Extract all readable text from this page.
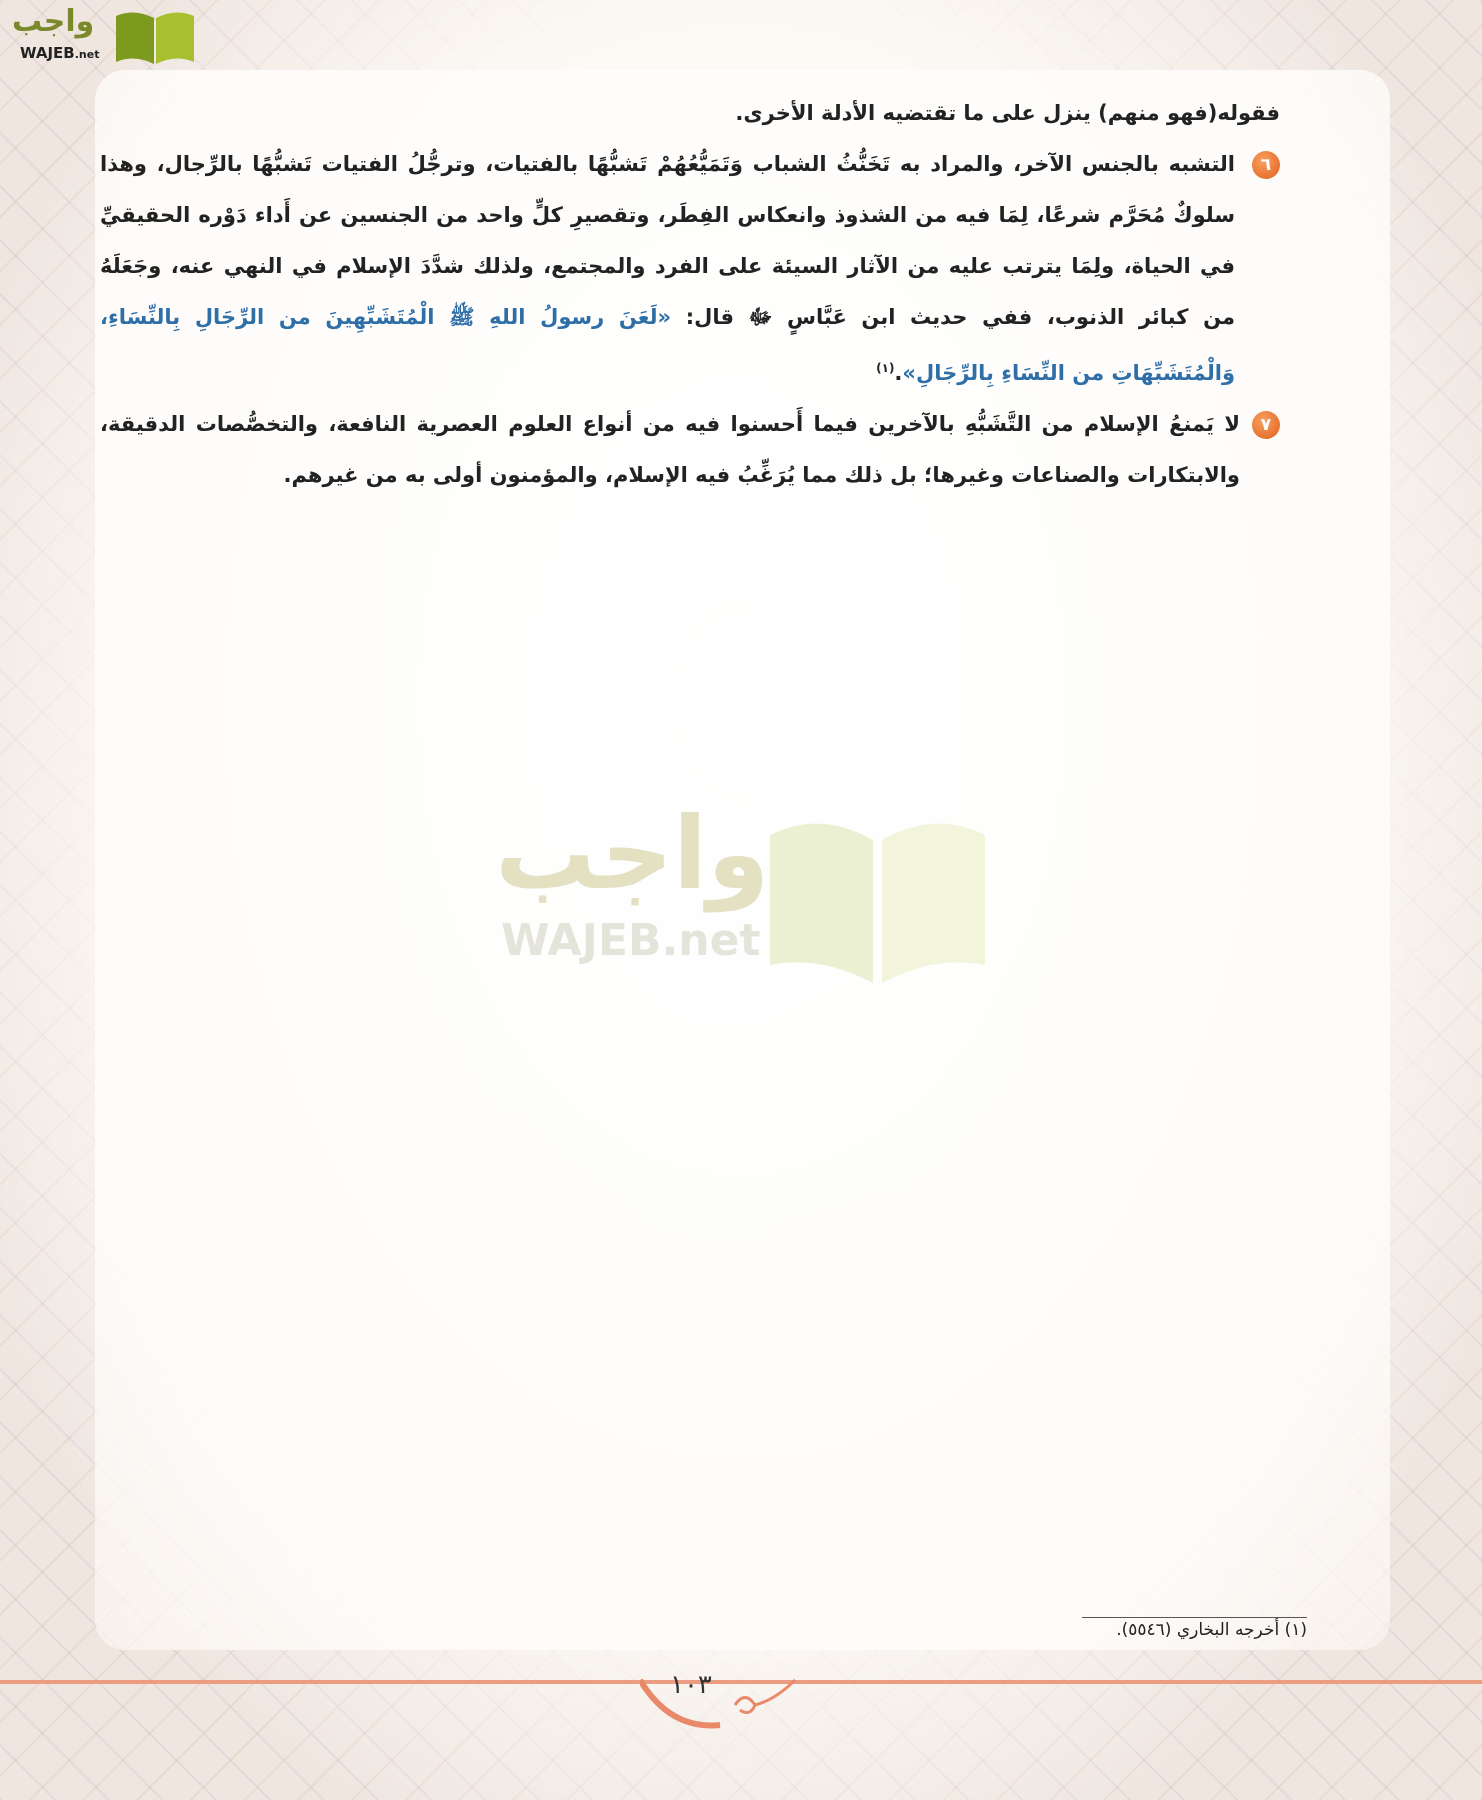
واجب
WAJEB.net
فقوله(فهو منهم) ينزل على ما تقتضيه الأدلة الأخرى.
٦
التشبه بالجنس الآخر، والمراد به تَخَنُّثُ الشباب وَتَمَيُّعُهُمْ تَشبُّهًا بالفتيات، وترجُّلُ الفتيات تَشبُّهًا بالرِّجال، وهذا سلوكٌ مُحَرَّم شرعًا، لِمَا فيه من الشذوذ وانعكاس الفِطَر، وتقصيرِ كلٍّ واحد من الجنسين عن أَداء دَوْره الحقيقيِّ في الحياة، ولِمَا يترتب عليه من الآثار السيئة على الفرد والمجتمع، ولذلك شدَّدَ الإسلام في النهي عنه، وجَعَلَهُ من كبائر الذنوب، ففي حديث ابن عَبَّاسٍ ﷻ قال: «لَعَنَ رسولُ اللهِ ﷺ الْمُتَشَبِّهِينَ من الرِّجَالِ بِالنِّسَاءِ، وَالْمُتَشَبِّهَاتِ من النِّسَاءِ بِالرِّجَالِ».$^{(١)}$
٧
لا يَمنعُ الإسلام من التَّشَبُّهِ بالآخرين فيما أَحسنوا فيه من أنواع العلوم العصرية النافعة، والتخصُّصات الدقيقة، والابتكارات والصناعات وغيرها؛ بل ذلك مما يُرَغِّبُ فيه الإسلام، والمؤمنون أولى به من غيرهم.
واجب
WAJEB.net
(١) أخرجه البخاري (٥٥٤٦).
١٠٣
